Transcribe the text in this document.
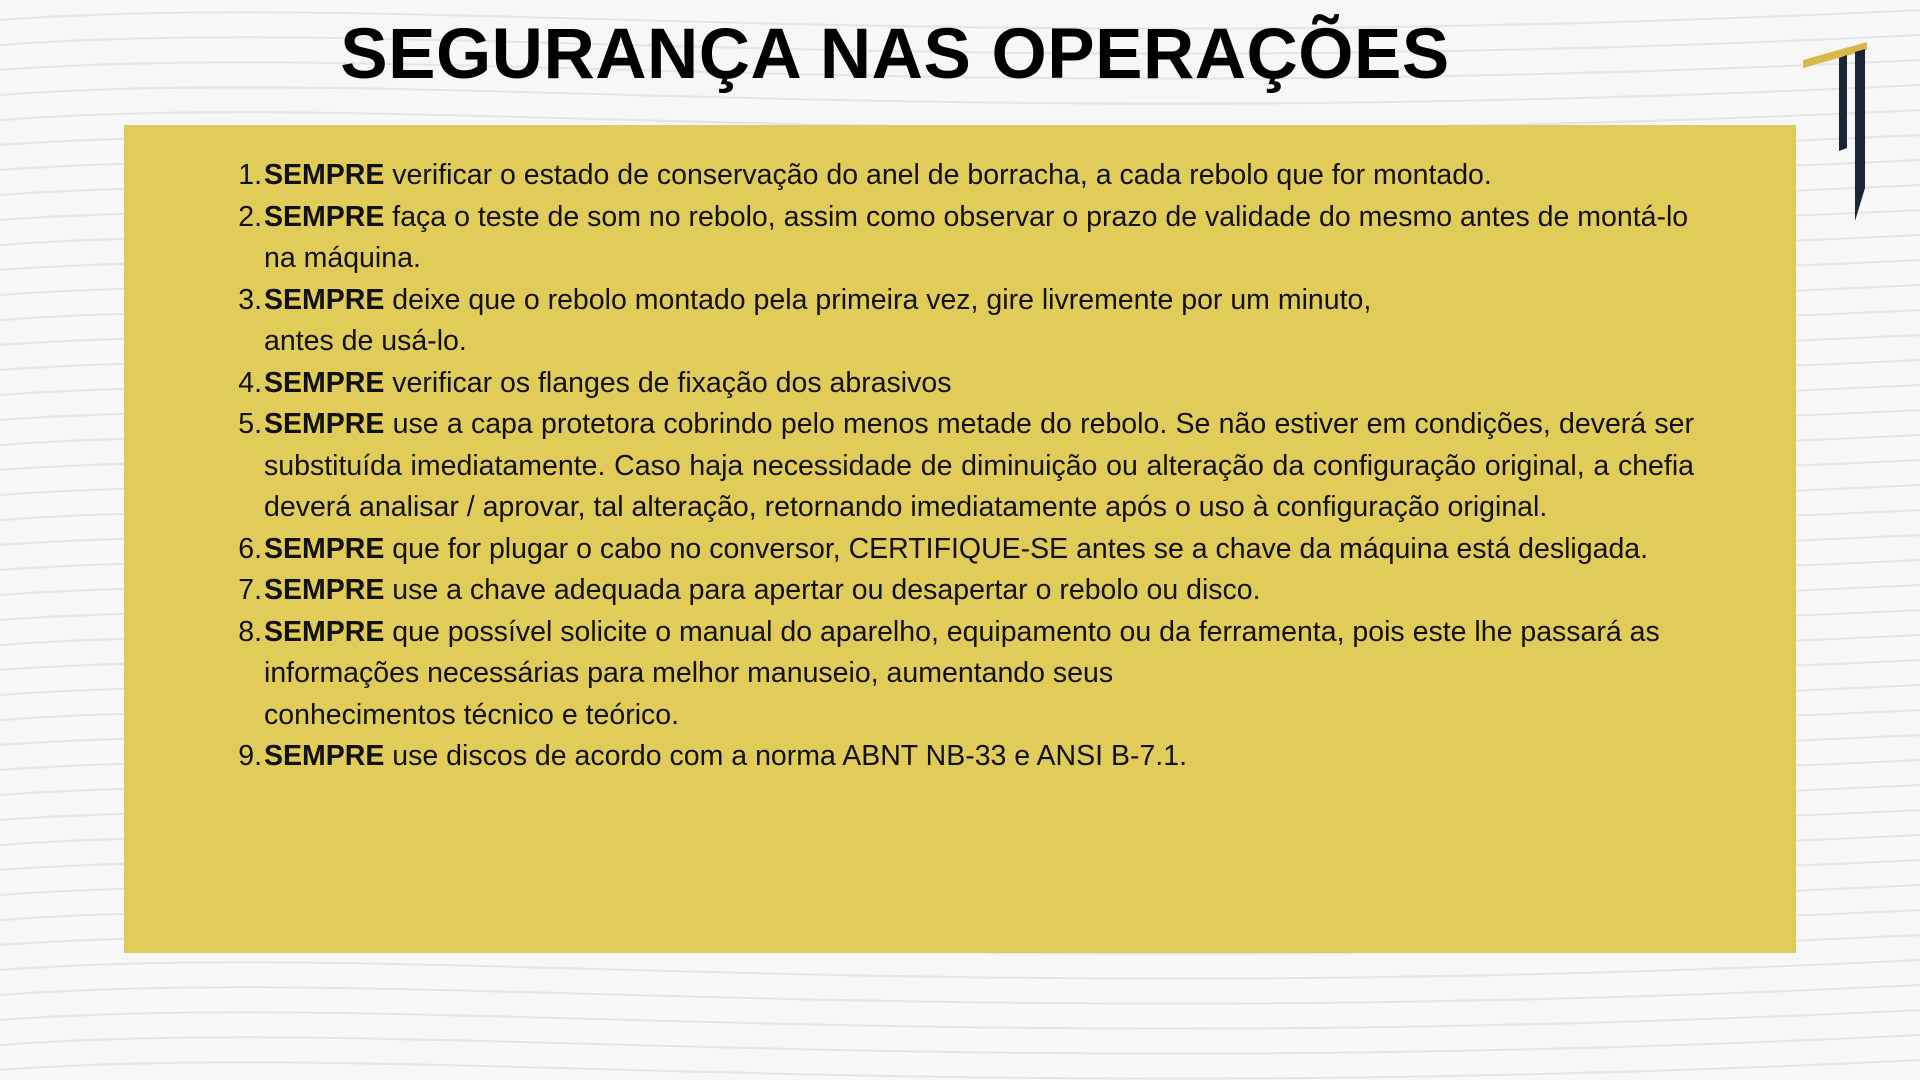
SEGURANÇA NAS OPERAÇÕES
1. SEMPRE verificar o estado de conservação do anel de borracha, a cada rebolo que for montado.
2. SEMPRE faça o teste de som no rebolo, assim como observar o prazo de validade do mesmo antes de montá-lo na máquina.
3. SEMPRE deixe que o rebolo montado pela primeira vez, gire livremente por um minuto,
antes de usá-lo.
4. SEMPRE verificar os flanges de fixação dos abrasivos
5. SEMPRE use a capa protetora cobrindo pelo menos metade do rebolo. Se não estiver em condições, deverá ser substituída imediatamente. Caso haja necessidade de diminuição ou alteração da configuração original, a chefia deverá analisar / aprovar, tal alteração, retornando imediatamente após o uso à configuração original.
6. SEMPRE que for plugar o cabo no conversor, CERTIFIQUE-SE antes se a chave da máquina está desligada.
7. SEMPRE use a chave adequada para apertar ou desapertar o rebolo ou disco.
8. SEMPRE que possível solicite o manual do aparelho, equipamento ou da ferramenta, pois este lhe passará as informações necessárias para melhor manuseio, aumentando seus
conhecimentos técnico e teórico.
9. SEMPRE use discos de acordo com a norma ABNT NB-33 e ANSI B-7.1.
